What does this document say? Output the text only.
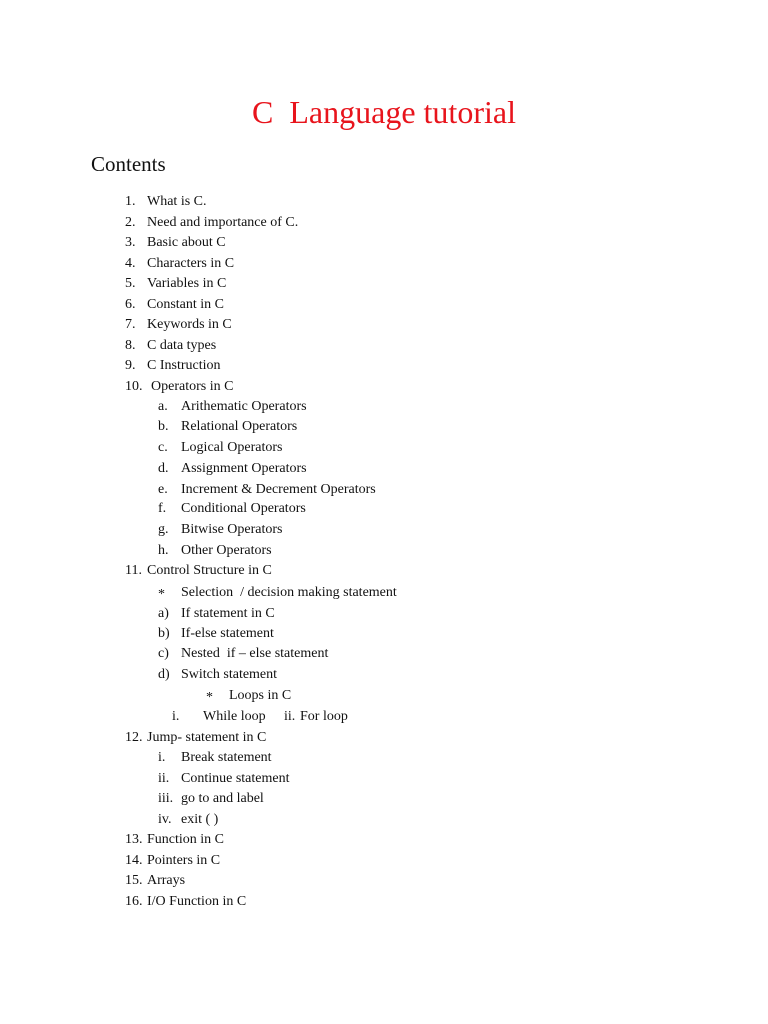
C  Language tutorial
Contents
1. What is C.
2. Need and importance of C.
3. Basic about C
4. Characters in C
5. Variables in C
6. Constant in C
7. Keywords in C
8. C data types
9. C Instruction
10. Operators in C
a. Arithematic Operators
b. Relational Operators
c. Logical Operators
d. Assignment Operators
e. Increment & Decrement Operators
f. Conditional Operators
g. Bitwise Operators
h. Other Operators
11. Control Structure in C
* Selection  / decision making statement
a) If statement in C
b) If-else statement
c) Nested  if – else statement
d) Switch statement
* Loops in C
i. While loop ii. For loop
12. Jump- statement in C
i. Break statement
ii. Continue statement
iii. go to and label
iv. exit ( )
13. Function in C
14. Pointers in C
15. Arrays
16. I/O Function in C
